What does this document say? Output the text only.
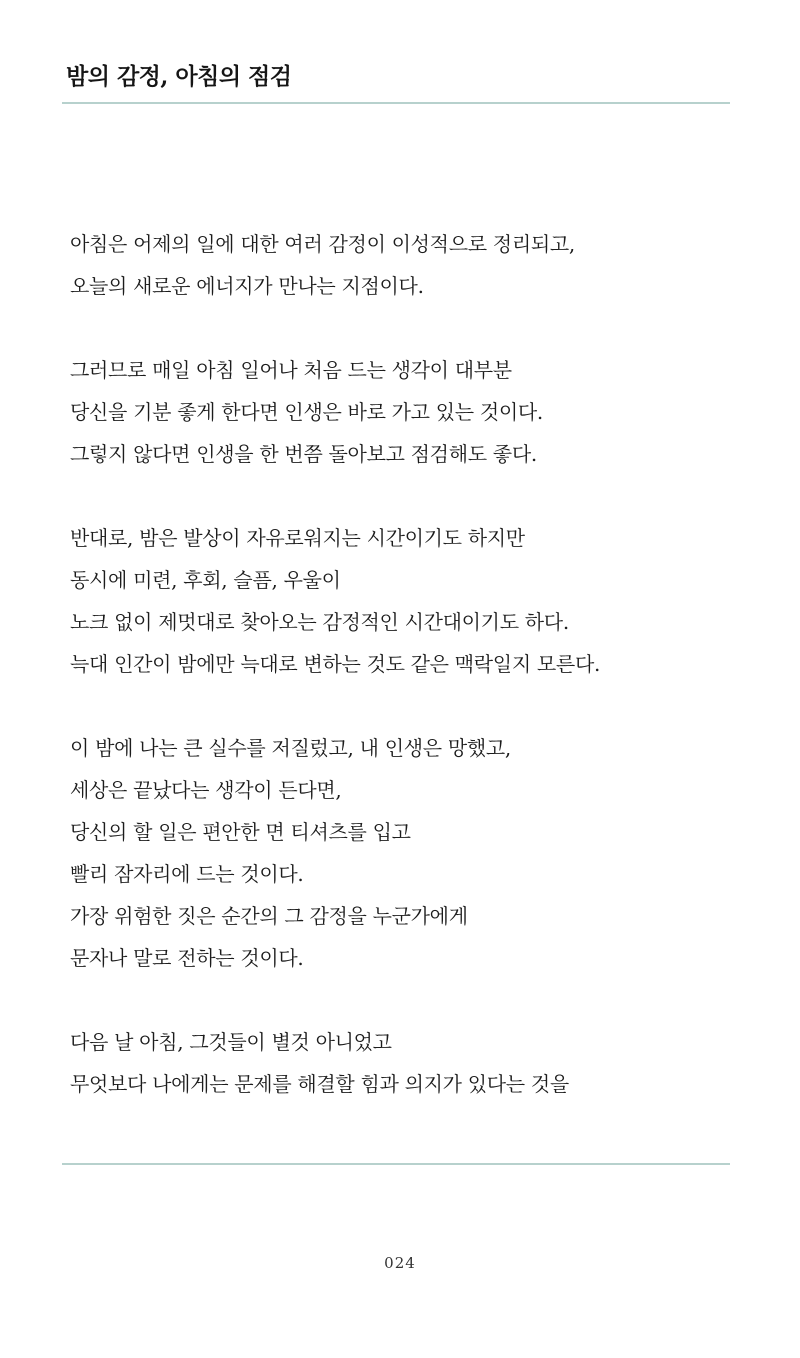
밤의 감정, 아침의 점검
아침은 어제의 일에 대한 여러 감정이 이성적으로 정리되고,
오늘의 새로운 에너지가 만나는 지점이다.
그러므로 매일 아침 일어나 처음 드는 생각이 대부분
당신을 기분 좋게 한다면 인생은 바로 가고 있는 것이다.
그렇지 않다면 인생을 한 번쯤 돌아보고 점검해도 좋다.
반대로, 밤은 발상이 자유로워지는 시간이기도 하지만
동시에 미련, 후회, 슬픔, 우울이
노크 없이 제멋대로 찾아오는 감정적인 시간대이기도 하다.
늑대 인간이 밤에만 늑대로 변하는 것도 같은 맥락일지 모른다.
이 밤에 나는 큰 실수를 저질렀고, 내 인생은 망했고,
세상은 끝났다는 생각이 든다면,
당신의 할 일은 편안한 면 티셔츠를 입고
빨리 잠자리에 드는 것이다.
가장 위험한 짓은 순간의 그 감정을 누군가에게
문자나 말로 전하는 것이다.
다음 날 아침, 그것들이 별것 아니었고
무엇보다 나에게는 문제를 해결할 힘과 의지가 있다는 것을
024
